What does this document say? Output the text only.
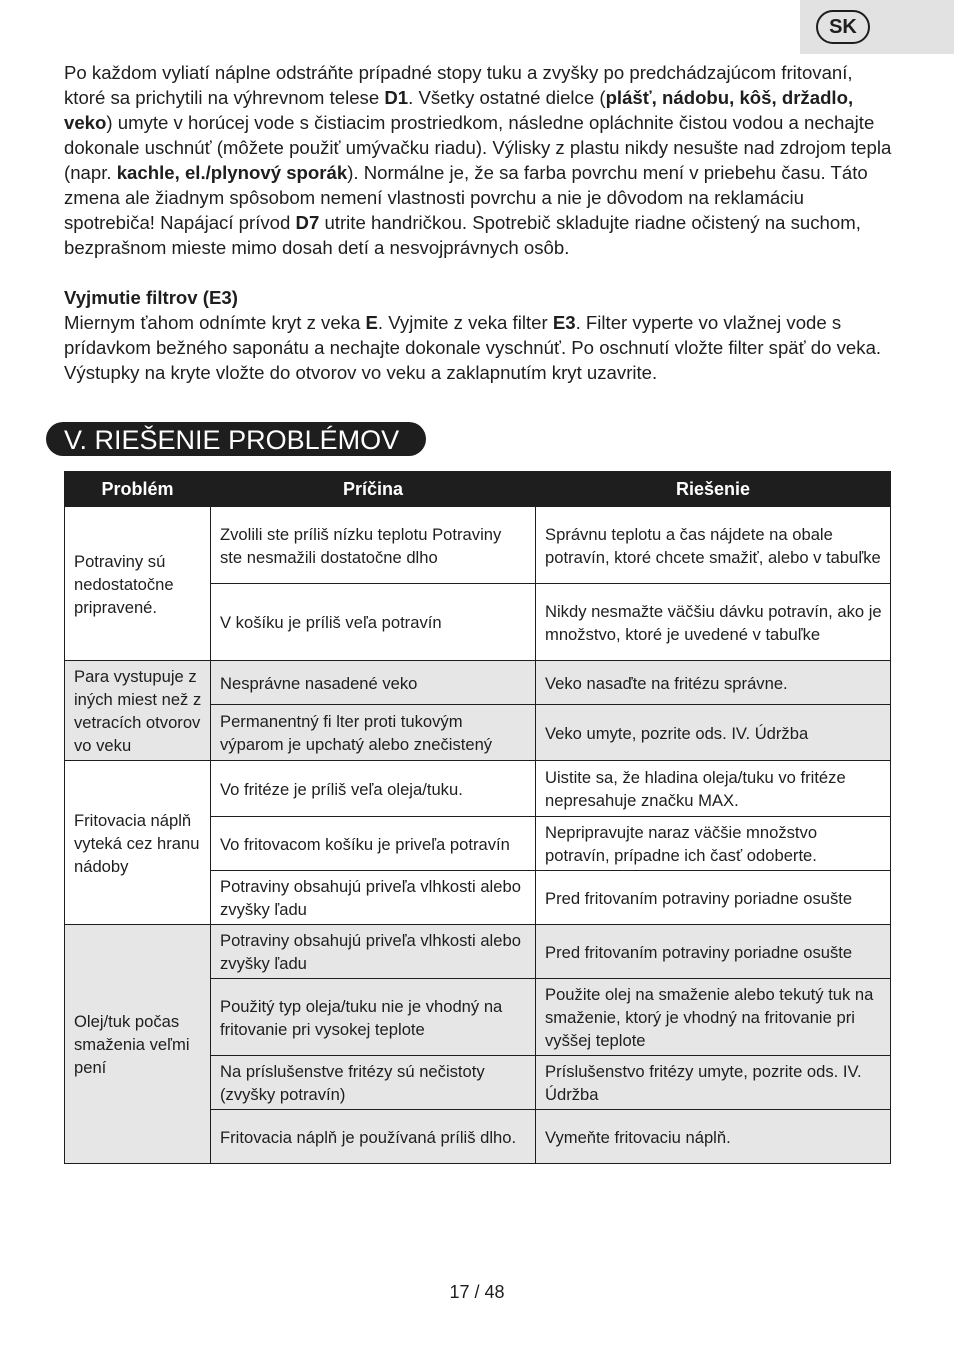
SK

Po každom vyliatí náplne odstráňte prípadné stopy tuku a zvyšky po predchádzajúcom fritovaní, ktoré sa prichytili na výhrevnom telese D1. Všetky ostatné dielce (plášť, nádobu, kôš, držadlo, veko) umyte v horúcej vode s čistiacim prostriedkom, následne opláchnite čistou vodou a nechajte dokonale uschnúť (môžete použiť umývačku riadu). Výlisky z plastu nikdy nesušte nad zdrojom tepla (napr. kachle, el./plynový sporák). Normálne je, že sa farba povrchu mení v priebehu času. Táto zmena ale žiadnym spôsobom nemení vlastnosti povrchu a nie je dôvodom na reklamáciu spotrebiča! Napájací prívod D7 utrite handričkou. Spotrebič skladujte riadne očistený na suchom, bezprašnom mieste mimo dosah detí a nesvojprávnych osôb.

Vyjmutie filtrov (E3)

Miernym ťahom odnímte kryt z veka E. Vyjmite z veka filter E3. Filter vyperte vo vlažnej vode s prídavkom bežného saponátu a nechajte dokonale vyschnúť. Po oschnutí vložte filter späť do veka. Výstupky na kryte vložte do otvorov vo veku a zaklapnutím kryt uzavrite.

V. RIEŠENIE PROBLÉMOV
Problém	Príčina	Riešenie
Potraviny sú nedostatočne pripravené.	Zvolili ste príliš nízku teplotu Potraviny ste nesmažili dostatočne dlho	Správnu teplotu a čas nájdete na obale potravín, ktoré chcete smažiť, alebo v tabuľke
	V košíku je príliš veľa potravín	Nikdy nesmažte väčšiu dávku potravín, ako je množstvo, ktoré je uvedené v tabuľke
Para vystupuje z iných miest než z vetracích otvorov vo veku	Nesprávne nasadené veko	Veko nasaďte na fritézu správne.
	Permanentný fi lter proti tukovým výparom je upchatý alebo znečistený	Veko umyte, pozrite ods. IV. Údržba
Fritovacia náplň vyteká cez hranu nádoby	Vo fritéze je príliš veľa oleja/tuku.	Uistite sa, že hladina oleja/tuku vo fritéze nepresahuje značku MAX.
	Vo fritovacom košíku je priveľa potravín	Nepripravujte naraz väčšie množstvo potravín, prípadne ich časť odoberte.
	Potraviny obsahujú priveľa vlhkosti alebo zvyšky ľadu	Pred fritovaním potraviny poriadne osušte
Olej/tuk počas smaženia veľmi pení	Potraviny obsahujú priveľa vlhkosti alebo zvyšky ľadu	Pred fritovaním potraviny poriadne osušte
	Použitý typ oleja/tuku nie je vhodný na fritovanie pri vysokej teplote	Použite olej na smaženie alebo tekutý tuk na smaženie, ktorý je vhodný na fritovanie pri vyššej teplote
	Na príslušenstve fritézy sú nečistoty (zvyšky potravín)	Príslušenstvo fritézy umyte, pozrite ods. IV. Údržba
	Fritovacia náplň je používaná príliš dlho.	Vymeňte fritovaciu náplň.
17 / 48
